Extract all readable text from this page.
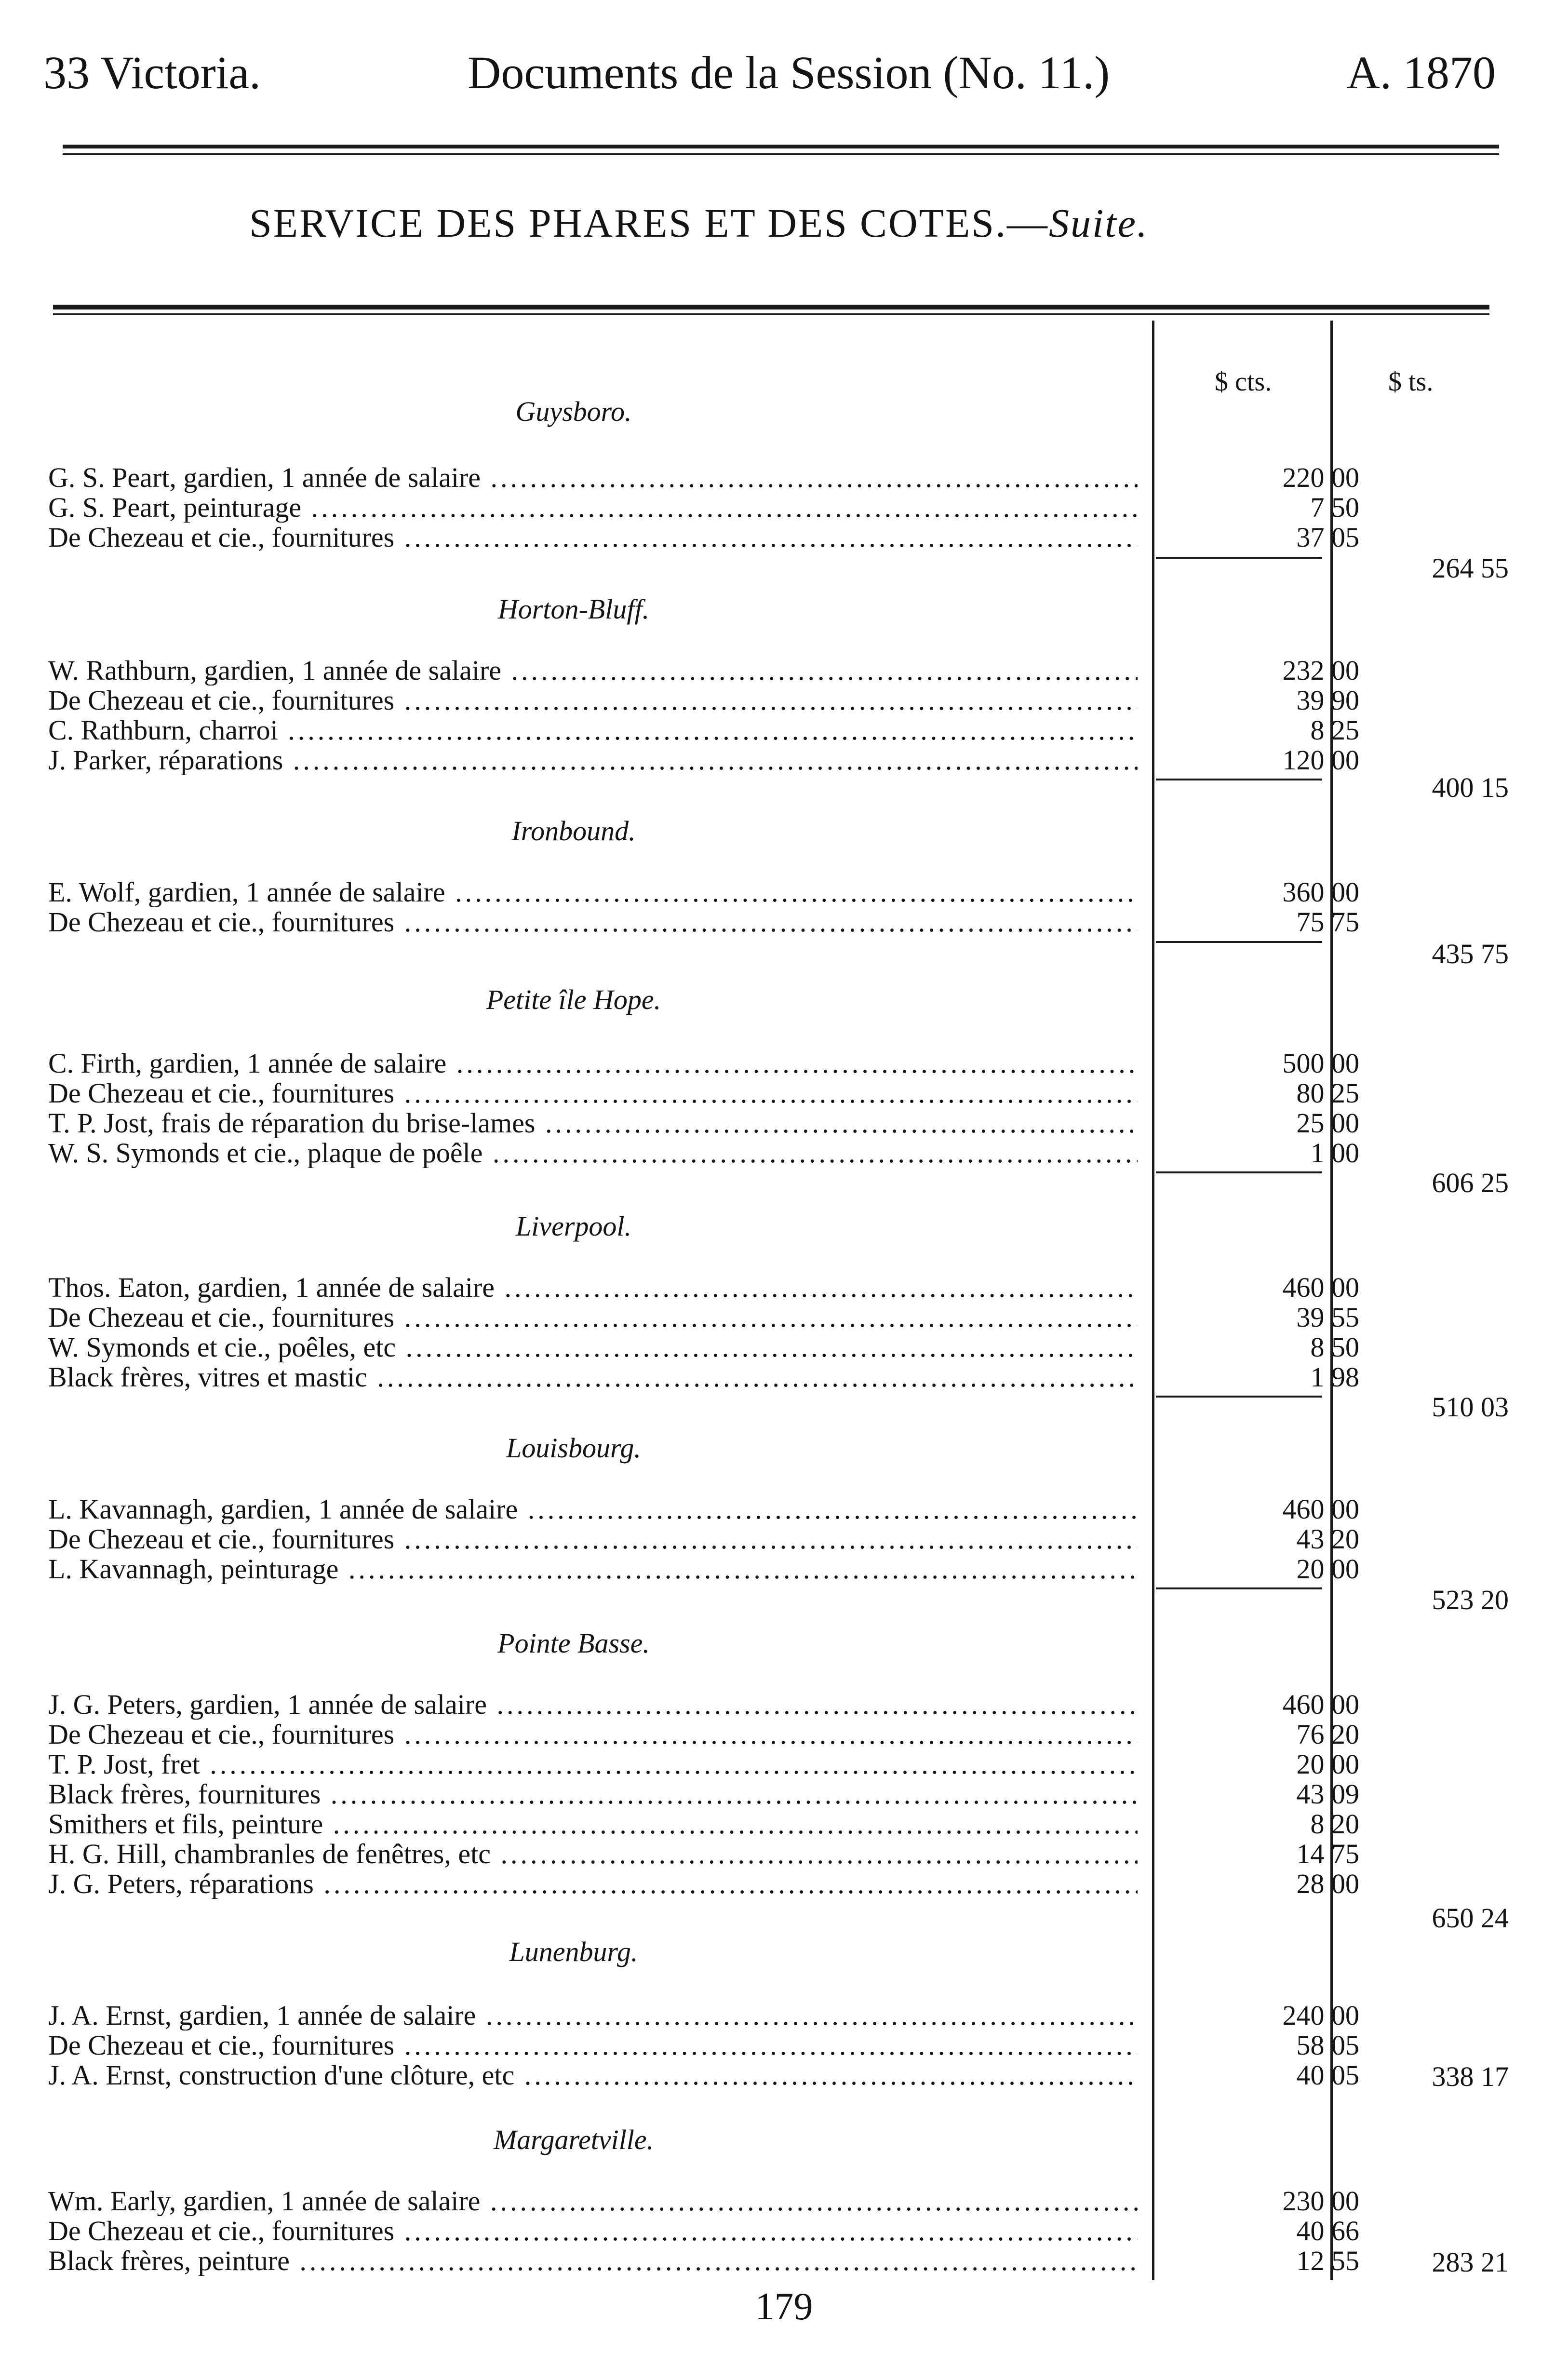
33 Victoria.	Documents de la Session (No. 11.)	A. 1870
SERVICE DES PHARES ET DES COTES.—Suite.
$ cts.	$ ts.
Guysboro.
G. S. Peart, gardien, 1 année de salaire .....	220 00
G. S. Peart, peinturage .....	7 50
De Chezeau et cie., fournitures .....	37 05
264 55
Horton-Bluff.
W. Rathburn, gardien, 1 année de salaire .....	232 00
De Chezeau et cie., fournitures .....	39 90
C. Rathburn, charroi .....	8 25
J. Parker, réparations .....	120 00
400 15
Ironbound.
E. Wolf, gardien, 1 année de salaire .....	360 00
De Chezeau et cie., fournitures .....	75 75
435 75
Petite île Hope.
C. Firth, gardien, 1 année de salaire .....	500 00
De Chezeau et cie., fournitures .....	80 25
T. P. Jost, frais de réparation du brise-lames .....	25 00
W. S. Symonds et cie., plaque de poêle .....	1 00
606 25
Liverpool.
Thos. Eaton, gardien, 1 année de salaire .....	460 00
De Chezeau et cie., fournitures .....	39 55
W. Symonds et cie., poêles, etc .....	8 50
Black frères, vitres et mastic .....	1 98
510 03
Louisbourg.
L. Kavannagh, gardien, 1 année de salaire .....	460 00
De Chezeau et cie., fournitures .....	43 20
L. Kavannagh, peinturage .....	20 00
523 20
Pointe Basse.
J. G. Peters, gardien, 1 année de salaire .....	460 00
De Chezeau et cie., fournitures .....	76 20
T. P. Jost, fret .....	20 00
Black frères, fournitures .....	43 09
Smithers et fils, peinture .....	8 20
H. G. Hill, chambranles de fenêtres, etc .....	14 75
J. G. Peters, réparations .....	28 00
650 24
Lunenburg.
J. A. Ernst, gardien, 1 année de salaire .....	240 00
De Chezeau et cie., fournitures .....	58 05
J. A. Ernst, construction d'une clôture, etc .....	40 05	338 17
Margaretville.
Wm. Early, gardien, 1 année de salaire .....	230 00
De Chezeau et cie., fournitures .....	40 66
Black frères, peinture .....	12 55	283 21
179
